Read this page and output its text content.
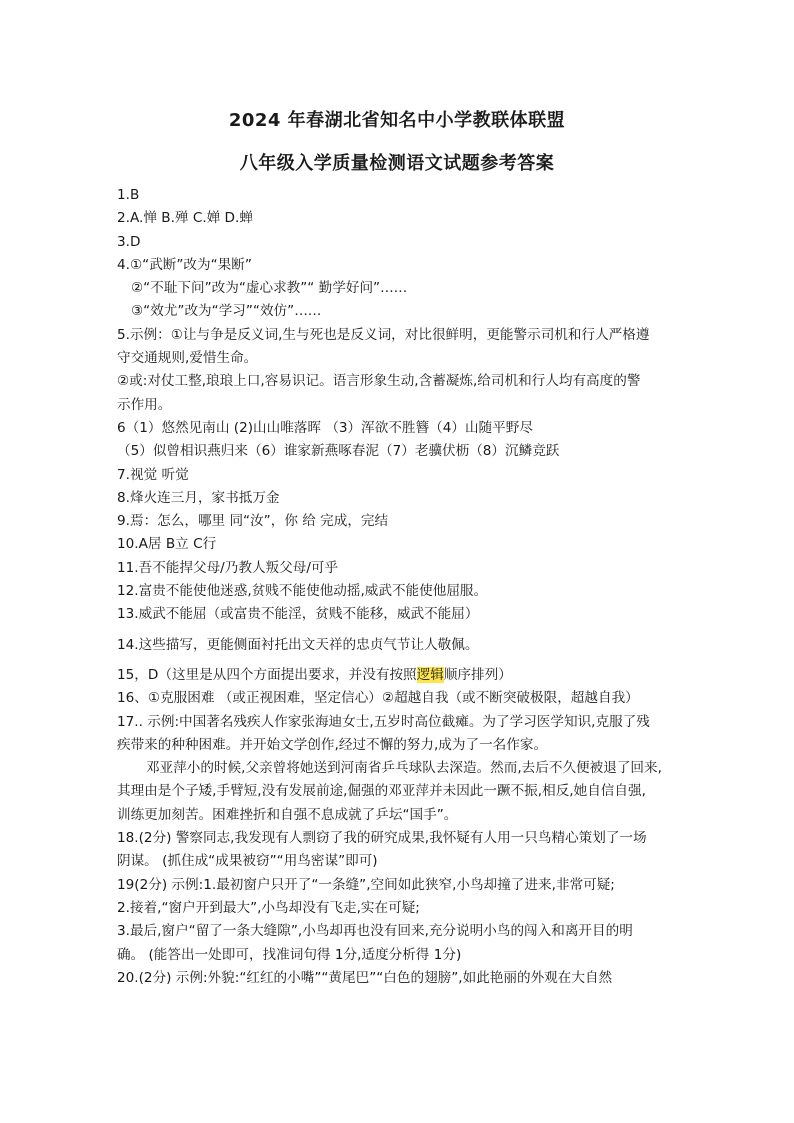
2024 年春湖北省知名中小学教联体联盟
八年级入学质量检测语文试题参考答案
1.B
2.A.惮 B.殚 C.婵 D.蝉
3.D
4.①“武断”改为“果断”
②“不耻下问”改为“虚心求教”“ 勤学好问”……
③“效尤”改为“学习”“效仿”……
5.示例：①让与争是反义词,生与死也是反义词，对比很鲜明，更能警示司机和行人严格遵
守交通规则,爱惜生命。
②或:对仗工整,琅琅上口,容易识记。语言形象生动,含蓄凝炼,给司机和行人均有高度的警
示作用。
6（1）悠然见南山 (2)山山唯落晖 （3）浑欲不胜簪（4）山随平野尽
（5）似曾相识燕归来（6）谁家新燕啄春泥（7）老骥伏枥（8）沉鳞竞跃
7.视觉 听觉
8.烽火连三月，家书抵万金
9.焉：怎么，哪里 同“汝”，你 给 完成，完结
10.A居 B立 C行
11.吾不能捍父母/乃教人叛父母/可乎
12.富贵不能使他迷惑,贫贱不能使他动摇,威武不能使他屈服。
13.威武不能屈（或富贵不能淫，贫贱不能移，威武不能屈）
14.这些描写，更能侧面衬托出文天祥的忠贞气节让人敬佩。
15，D（这里是从四个方面提出要求，并没有按照逻辑顺序排列）
16、①克服困难 （或正视困难，坚定信心）②超越自我（或不断突破极限，超越自我）
17.. 示例:中国著名残疾人作家张海迪女士,五岁时高位截瘫。为了学习医学知识,克服了残
疾带来的种种困难。并开始文学创作,经过不懈的努力,成为了一名作家。
邓亚萍小的时候,父亲曾将她送到河南省乒乓球队去深造。然而,去后不久便被退了回来,
其理由是个子矮,手臂短,没有发展前途,倔强的邓亚萍并未因此一蹶不振,相反,她自信自强,
训练更加刻苦。困难挫折和自强不息成就了乒坛“国手”。
18.(2分) 警察同志,我发现有人剽窃了我的研究成果,我怀疑有人用一只鸟精心策划了一场
阴谋。 (抓住成“成果被窃”“用鸟密谋”即可)
19(2分) 示例:1.最初窗户只开了“一条缝”,空间如此狭窄,小鸟却撞了进来,非常可疑;
2.接着,“窗户开到最大”,小鸟却没有飞走,实在可疑;
3.最后,窗户“留了一条大缝隙”,小鸟却再也没有回来,充分说明小鸟的闯入和离开目的明
确。 (能答出一处即可，找准词句得 1分,适度分析得 1分)
20.(2分) 示例:外貌:“红红的小嘴”“黄尾巴”“白色的翅膀”,如此艳丽的外观在大自然
